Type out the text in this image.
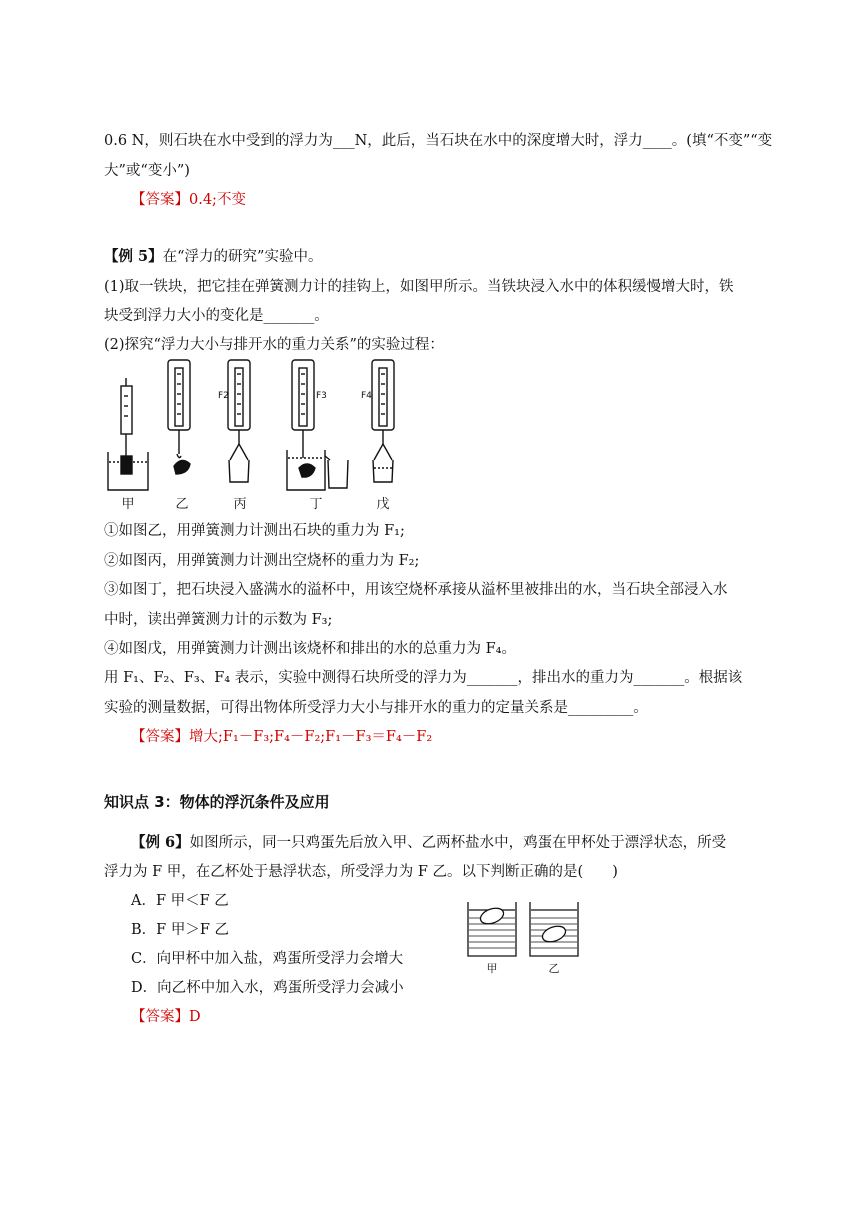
0.6 N，则石块在水中受到的浮力为___N，此后，当石块在水中的深度增大时，浮力____。(填“不变”“变
大”或“变小”)
【答案】0.4;不变
【例 5】在“浮力的研究”实验中。
(1)取一铁块，把它挂在弹簧测力计的挂钩上，如图甲所示。当铁块浸入水中的体积缓慢增大时，铁
块受到浮力大小的变化是_______。
(2)探究“浮力大小与排开水的重力关系”的实验过程：
F2	F3	F4
甲	乙	丙	丁	戊
①如图乙，用弹簧测力计测出石块的重力为 F₁;
②如图丙，用弹簧测力计测出空烧杯的重力为 F₂;
③如图丁，把石块浸入盛满水的溢杯中，用该空烧杯承接从溢杯里被排出的水，当石块全部浸入水
中时，读出弹簧测力计的示数为 F₃;
④如图戊，用弹簧测力计测出该烧杯和排出的水的总重力为 F₄。
用 F₁、F₂、F₃、F₄ 表示，实验中测得石块所受的浮力为_______，排出水的重力为_______。根据该
实验的测量数据，可得出物体所受浮力大小与排开水的重力的定量关系是_________。
【答案】增大;F₁－F₃;F₄－F₂;F₁－F₃＝F₄－F₂
知识点 3：物体的浮沉条件及应用
【例 6】如图所示，同一只鸡蛋先后放入甲、乙两杯盐水中，鸡蛋在甲杯处于漂浮状态，所受
浮力为 F 甲，在乙杯处于悬浮状态，所受浮力为 F 乙。以下判断正确的是(　　)
A．F 甲＜F 乙
B．F 甲＞F 乙
C．向甲杯中加入盐，鸡蛋所受浮力会增大
D．向乙杯中加入水，鸡蛋所受浮力会减小
甲	乙
【答案】D
